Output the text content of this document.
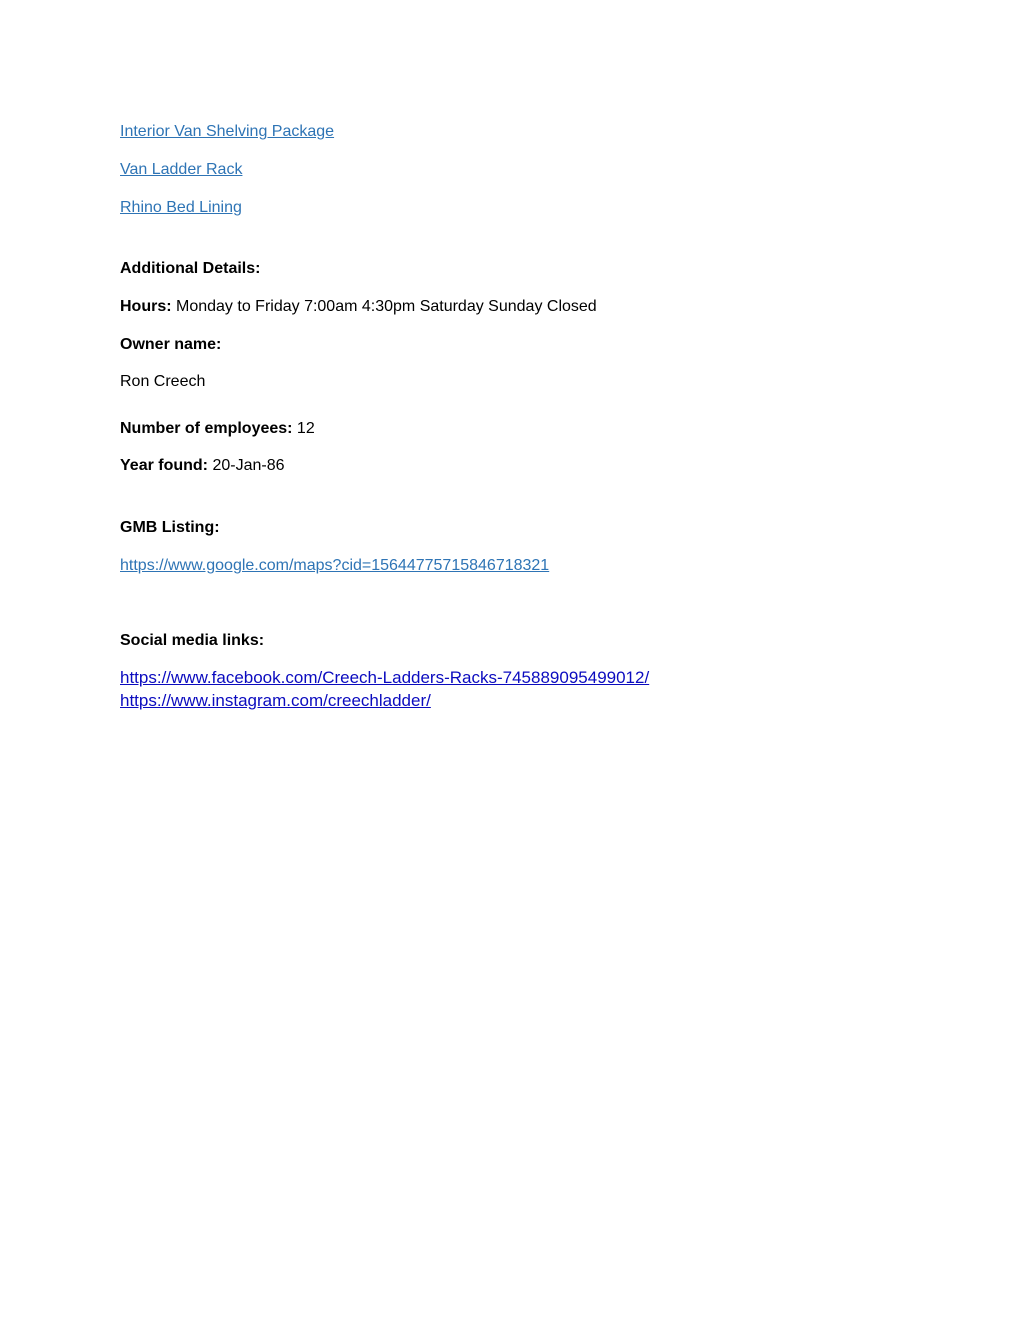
Interior Van Shelving Package
Van Ladder Rack
Rhino Bed Lining
Additional Details:
Hours: Monday to Friday 7:00am 4:30pm Saturday Sunday Closed
Owner name:
Ron Creech
Number of employees: 12
Year found: 20-Jan-86
GMB Listing:
https://www.google.com/maps?cid=15644775715846718321
Social media links:
https://www.facebook.com/Creech-Ladders-Racks-745889095499012/
https://www.instagram.com/creechladder/
